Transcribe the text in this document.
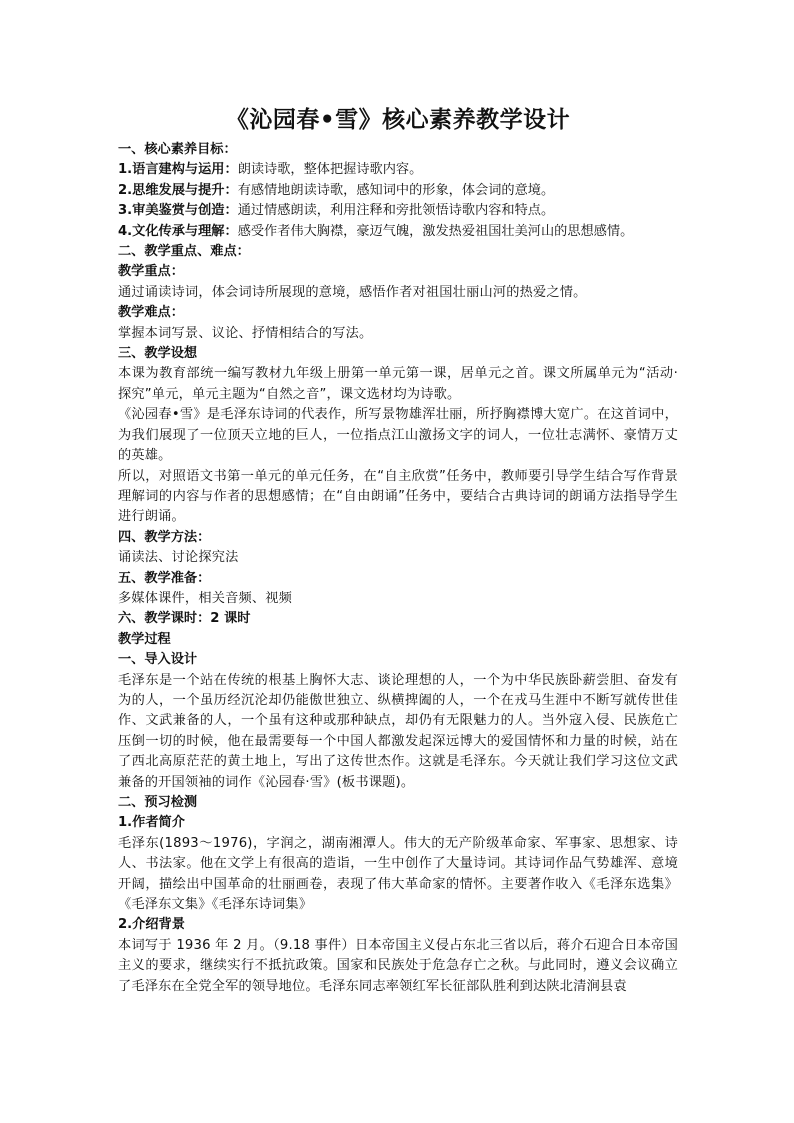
《沁园春•雪》核心素养教学设计

一、核心素养目标：

1.语言建构与运用：朗读诗歌，整体把握诗歌内容。

2.思维发展与提升：有感情地朗读诗歌，感知词中的形象，体会词的意境。

3.审美鉴赏与创造：通过情感朗读，利用注释和旁批领悟诗歌内容和特点。

4.文化传承与理解：感受作者伟大胸襟，豪迈气魄，激发热爱祖国壮美河山的思想感情。

二、教学重点、难点：

教学重点：

通过诵读诗词，体会词诗所展现的意境，感悟作者对祖国壮丽山河的热爱之情。

教学难点：

掌握本词写景、议论、抒情相结合的写法。

三、教学设想

本课为教育部统一编写教材九年级上册第一单元第一课，居单元之首。课文所属单元为“活动·探究”单元，单元主题为“自然之音”，课文选材均为诗歌。

《沁园春•雪》是毛泽东诗词的代表作，所写景物雄浑壮丽，所抒胸襟博大宽广。在这首词中，为我们展现了一位顶天立地的巨人，一位指点江山激扬文字的词人，一位壮志满怀、豪情万丈的英雄。

所以，对照语文书第一单元的单元任务，在“自主欣赏”任务中，教师要引导学生结合写作背景理解词的内容与作者的思想感情；在“自由朗诵”任务中，要结合古典诗词的朗诵方法指导学生进行朗诵。

四、教学方法：

诵读法、讨论探究法

五、教学准备：

多媒体课件，相关音频、视频

六、教学课时：2 课时

教学过程

一、导入设计

毛泽东是一个站在传统的根基上胸怀大志、谈论理想的人，一个为中华民族卧薪尝胆、奋发有为的人，一个虽历经沉沦却仍能傲世独立、纵横捭阖的人，一个在戎马生涯中不断写就传世佳作、文武兼备的人，一个虽有这种或那种缺点，却仍有无限魅力的人。当外寇入侵、民族危亡压倒一切的时候，他在最需要每一个中国人都激发起深远博大的爱国情怀和力量的时候，站在了西北高原茫茫的黄土地上，写出了这传世杰作。这就是毛泽东。今天就让我们学习这位文武兼备的开国领袖的词作《沁园春·雪》(板书课题)。

二、预习检测

1.作者简介

毛泽东(1893～1976)，字润之，湖南湘潭人。伟大的无产阶级革命家、军事家、思想家、诗人、书法家。他在文学上有很高的造诣，一生中创作了大量诗词。其诗词作品气势雄浑、意境开阔，描绘出中国革命的壮丽画卷，表现了伟大革命家的情怀。主要著作收入《毛泽东选集》《毛泽东文集》《毛泽东诗词集》

2.介绍背景

本词写于 1936 年 2 月。（9.18 事件）日本帝国主义侵占东北三省以后，蒋介石迎合日本帝国主义的要求，继续实行不抵抗政策。国家和民族处于危急存亡之秋。与此同时，遵义会议确立了毛泽东在全党全军的领导地位。毛泽东同志率领红军长征部队胜利到达陕北清涧县袁
